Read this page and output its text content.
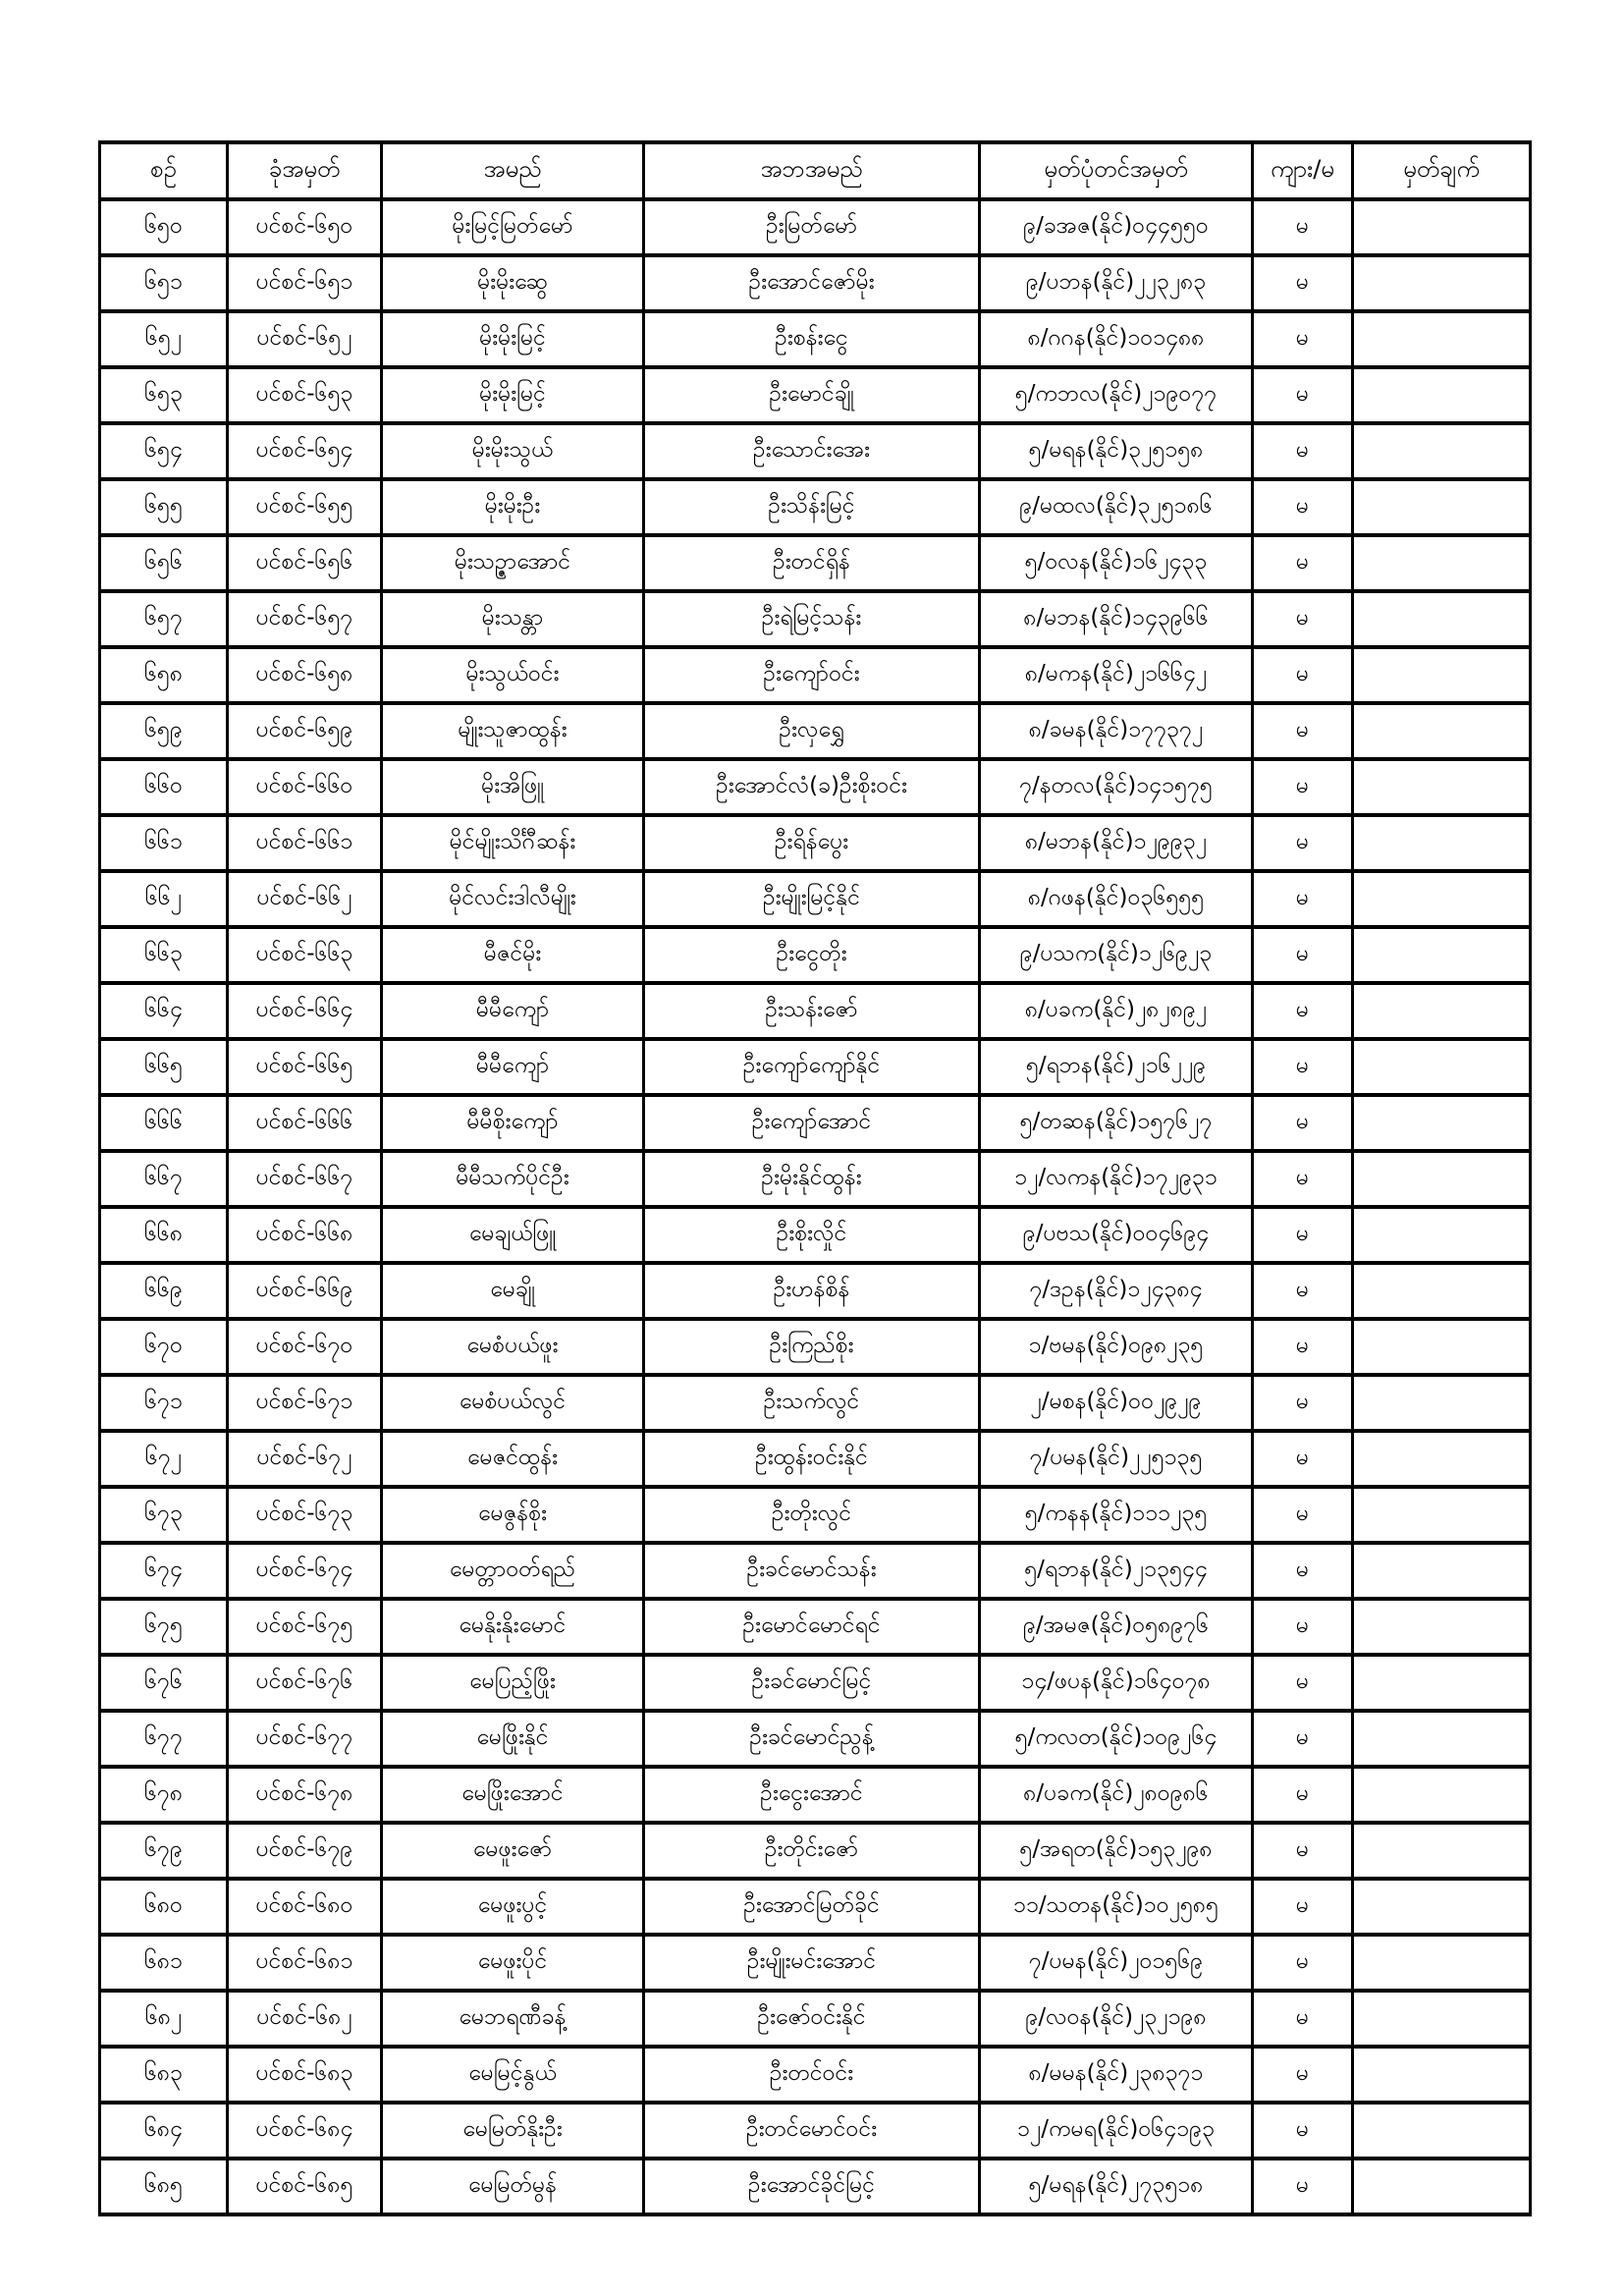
စဉ်	ခုံအမှတ်	အမည်	အဘအမည်	မှတ်ပုံတင်အမှတ်	ကျား/မ	မှတ်ချက်
၆၅၀	ပင်စင်-၆၅၀	မိုးမြင့်မြတ်မော်	ဦးမြတ်မော်	၉/ခအဇ(နိုင်)၀၄၄၅၅၀	မ	
၆၅၁	ပင်စင်-၆၅၁	မိုးမိုးဆွေ	ဦးအောင်ဇော်မိုး	၉/ပဘန(နိုင်)၂၂၃၂၈၃	မ	
၆၅၂	ပင်စင်-၆၅၂	မိုးမိုးမြင့်	ဦးစန်းငွေ	၈/ဂဂန(နိုင်)၁၀၁၄၈၈	မ	
၆၅၃	ပင်စင်-၆၅၃	မိုးမိုးမြင့်	ဦးမောင်ချို	၅/ကဘလ(နိုင်)၂၁၉၀၇၇	မ	
၆၅၄	ပင်စင်-၆၅၄	မိုးမိုးသွယ်	ဦးသောင်းအေး	၅/မရန(နိုင်)၃၂၅၁၅၈	မ	
၆၅၅	ပင်စင်-၆၅၅	မိုးမိုးဦး	ဦးသိန်းမြင့်	၉/မထလ(နိုင်)၃၂၅၁၈၆	မ	
၆၅၆	ပင်စင်-၆၅၆	မိုးသဉ္ဇာအောင်	ဦးတင်ရှိန်	၅/ဝလန(နိုင်)၁၆၂၄၃၃	မ	
၆၅၇	ပင်စင်-၆၅၇	မိုးသန္တာ	ဦးရဲမြင့်သန်း	၈/မဘန(နိုင်)၁၄၃၉၆၆	မ	
၆၅၈	ပင်စင်-၆၅၈	မိုးသွယ်ဝင်း	ဦးကျော်ဝင်း	၈/မကန(နိုင်)၂၁၆၆၄၂	မ	
၆၅၉	ပင်စင်-၆၅၉	မျိုးသူဇာထွန်း	ဦးလှရွှေ	၈/ခမန(နိုင်)၁၇၇၃၇၂	မ	
၆၆၀	ပင်စင်-၆၆၀	မိုးအိဖြူ	ဦးအောင်လံ(ခ)ဦးစိုးဝင်း	၇/နတလ(နိုင်)၁၄၁၅၇၅	မ	
၆၆၁	ပင်စင်-၆၆၁	မိုင်မျိုးသိင်္ဂီဆန်း	ဦးရိန်ပွေး	၈/မဘန(နိုင်)၁၂၉၉၃၂	မ	
၆၆၂	ပင်စင်-၆၆၂	မိုင်လင်းဒါလီမျိုး	ဦးမျိုးမြင့်နိုင်	၈/ဂဖန(နိုင်)၀၃၆၅၅၅	မ	
၆၆၃	ပင်စင်-၆၆၃	မီဇင်မိုး	ဦးငွေတိုး	၉/ပသက(နိုင်)၁၂၆၉၂၃	မ	
၆၆၄	ပင်စင်-၆၆၄	မီမီကျော်	ဦးသန်းဇော်	၈/ပခက(နိုင်)၂၈၂၈၉၂	မ	
၆၆၅	ပင်စင်-၆၆၅	မီမီကျော်	ဦးကျော်ကျော်နိုင်	၅/ရဘန(နိုင်)၂၁၆၂၂၉	မ	
၆၆၆	ပင်စင်-၆၆၆	မီမီစိုးကျော်	ဦးကျော်အောင်	၅/တဆန(နိုင်)၁၅၇၆၂၇	မ	
၆၆၇	ပင်စင်-၆၆၇	မီမီသက်ပိုင်ဦး	ဦးမိုးနိုင်ထွန်း	၁၂/လကန(နိုင်)၁၇၂၉၃၁	မ	
၆၆၈	ပင်စင်-၆၆၈	မေချယ်ဖြူ	ဦးစိုးလှိုင်	၉/ပဗသ(နိုင်)၀၀၄၆၉၄	မ	
၆၆၉	ပင်စင်-၆၆၉	မေချို	ဦးဟန်စိန်	၇/ဒဥန(နိုင်)၁၂၄၃၈၄	မ	
၆၇၀	ပင်စင်-၆၇၀	မေစံပယ်ဖူး	ဦးကြည်စိုး	၁/ဗမန(နိုင်)၀၉၈၂၃၅	မ	
၆၇၁	ပင်စင်-၆၇၁	မေစံပယ်လွင်	ဦးသက်လွင်	၂/မစန(နိုင်)၀၀၂၉၂၉	မ	
၆၇၂	ပင်စင်-၆၇၂	မေဇင်ထွန်း	ဦးထွန်းဝင်းနိုင်	၇/ပမန(နိုင်)၂၂၅၁၃၅	မ	
၆၇၃	ပင်စင်-၆၇၃	မေဇွန်စိုး	ဦးတိုးလွင်	၅/ကနန(နိုင်)၁၁၁၂၃၅	မ	
၆၇၄	ပင်စင်-၆၇၄	မေတ္တာဝတ်ရည်	ဦးခင်မောင်သန်း	၅/ရဘန(နိုင်)၂၁၃၅၄၄	မ	
၆၇၅	ပင်စင်-၆၇၅	မေနိုးနိုးမောင်	ဦးမောင်မောင်ရင်	၉/အမဇ(နိုင်)၀၅၈၉၇၆	မ	
၆၇၆	ပင်စင်-၆၇၆	မေပြည့်ဖြိုး	ဦးခင်မောင်မြင့်	၁၄/ဖပန(နိုင်)၁၆၄၀၇၈	မ	
၆၇၇	ပင်စင်-၆၇၇	မေဖြိုးနိုင်	ဦးခင်မောင်ညွန့်	၅/ကလတ(နိုင်)၁၀၉၂၆၄	မ	
၆၇၈	ပင်စင်-၆၇၈	မေဖြိုးအောင်	ဦးငွေးအောင်	၈/ပခက(နိုင်)၂၈၀၉၈၆	မ	
၆၇၉	ပင်စင်-၆၇၉	မေဖူးဇော်	ဦးတိုင်းဇော်	၅/အရတ(နိုင်)၁၅၃၂၉၈	မ	
၆၈၀	ပင်စင်-၆၈၀	မေဖူးပွင့်	ဦးအောင်မြတ်ခိုင်	၁၁/သတန(နိုင်)၁၀၂၅၈၅	မ	
၆၈၁	ပင်စင်-၆၈၁	မေဖူးပိုင်	ဦးမျိုးမင်းအောင်	၇/ပမန(နိုင်)၂၀၁၅၆၉	မ	
၆၈၂	ပင်စင်-၆၈၂	မေဘရဏီခန့်	ဦးဇော်ဝင်းနိုင်	၉/လဝန(နိုင်)၂၃၂၁၉၈	မ	
၆၈၃	ပင်စင်-၆၈၃	မေမြင့်နွယ်	ဦးတင်ဝင်း	၈/မမန(နိုင်)၂၃၈၃၇၁	မ	
၆၈၄	ပင်စင်-၆၈၄	မေမြတ်နိုးဦး	ဦးတင်မောင်ဝင်း	၁၂/ကမရ(နိုင်)၀၆၄၁၉၃	မ	
၆၈၅	ပင်စင်-၆၈၅	မေမြတ်မွန်	ဦးအောင်ခိုင်မြင့်	၅/မရန(နိုင်)၂၇၃၅၁၈	မ	
